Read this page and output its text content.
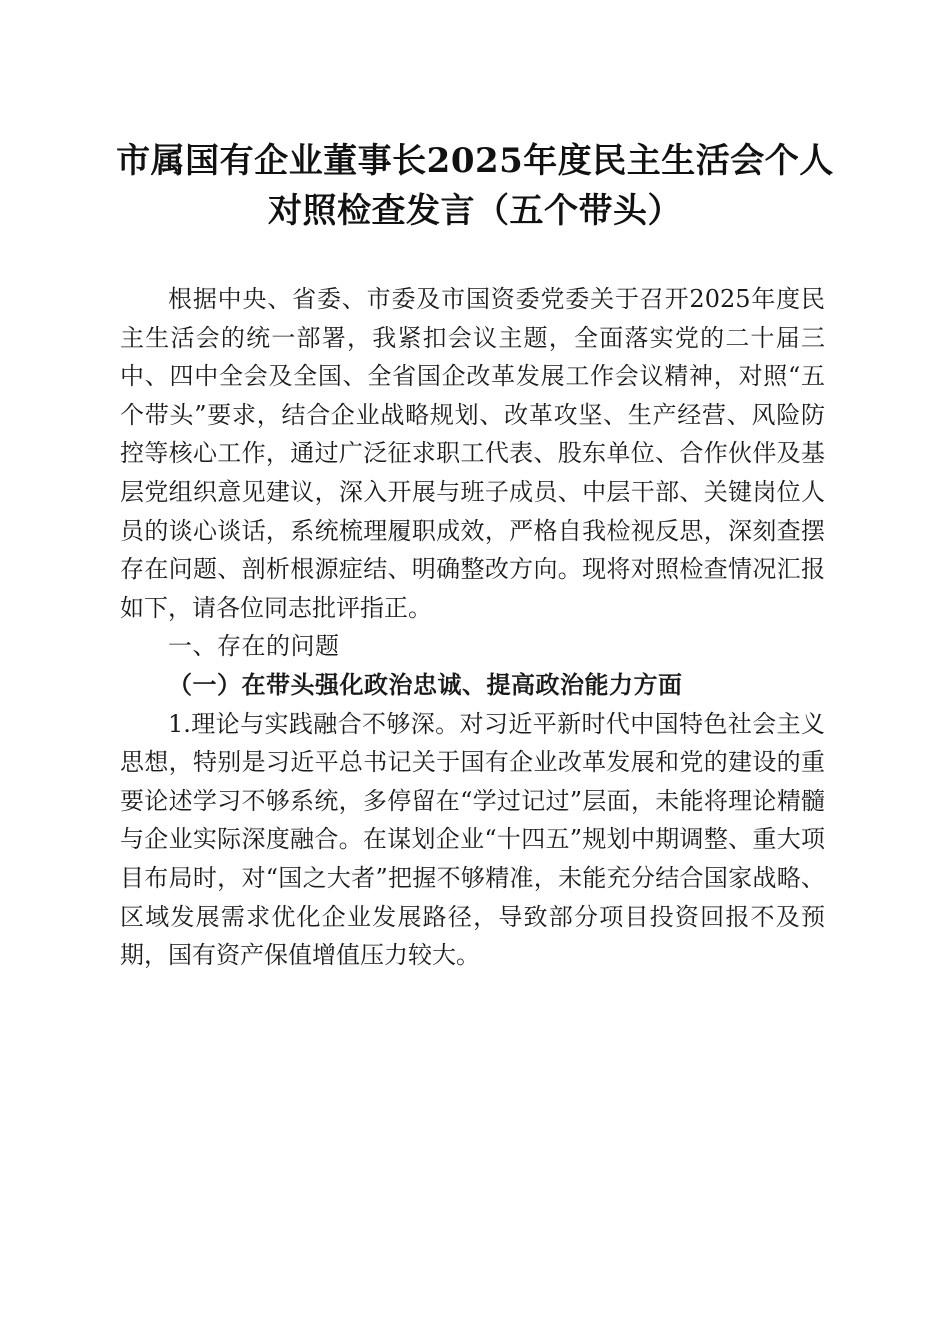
市属国有企业董事长2025年度民主生活会个人对照检查发言（五个带头）

根据中央、省委、市委及市国资委党委关于召开2025年度民主生活会的统一部署，我紧扣会议主题，全面落实党的二十届三中、四中全会及全国、全省国企改革发展工作会议精神，对照“五个带头”要求，结合企业战略规划、改革攻坚、生产经营、风险防控等核心工作，通过广泛征求职工代表、股东单位、合作伙伴及基层党组织意见建议，深入开展与班子成员、中层干部、关键岗位人员的谈心谈话，系统梳理履职成效，严格自我检视反思，深刻查摆存在问题、剖析根源症结、明确整改方向。现将对照检查情况汇报如下，请各位同志批评指正。

一、存在的问题

（一）在带头强化政治忠诚、提高政治能力方面

1.理论与实践融合不够深。对习近平新时代中国特色社会主义思想，特别是习近平总书记关于国有企业改革发展和党的建设的重要论述学习不够系统，多停留在“学过记过”层面，未能将理论精髓与企业实际深度融合。在谋划企业“十四五”规划中期调整、重大项目布局时，对“国之大者”把握不够精准，未能充分结合国家战略、区域发展需求优化企业发展路径，导致部分项目投资回报不及预期，国有资产保值增值压力较大。
